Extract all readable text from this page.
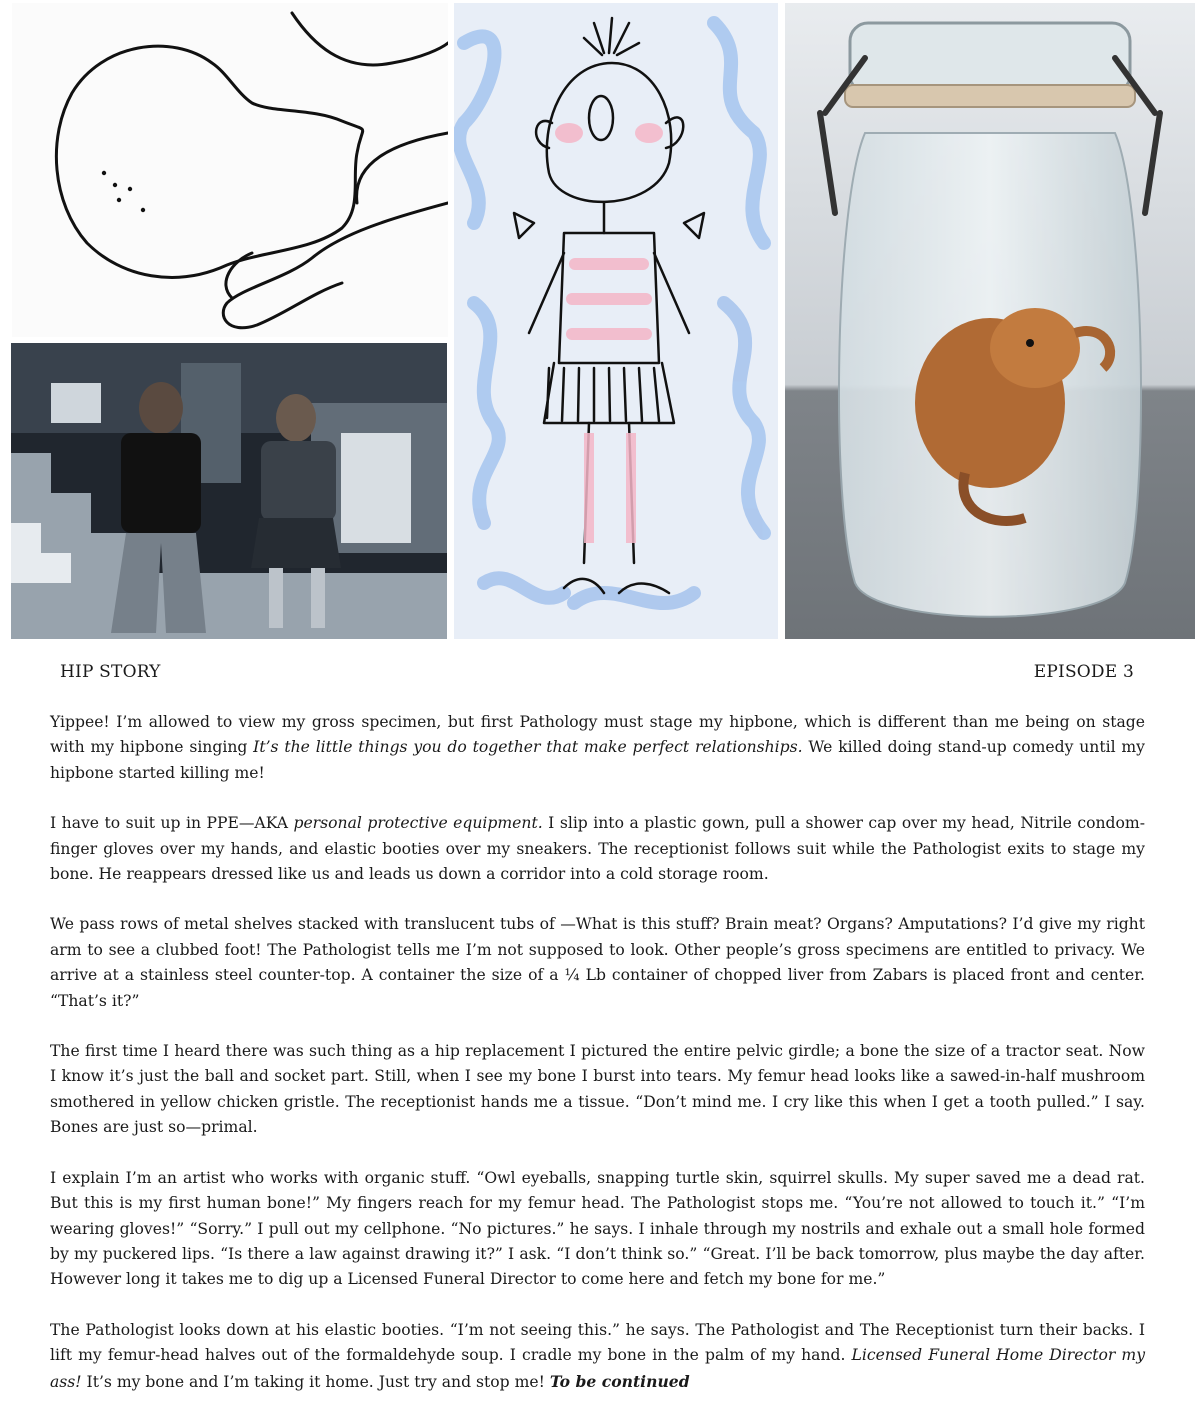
HIP STORY	EPISODE 3

Yippee! I’m allowed to view my gross specimen, but first Pathology must stage my hipbone, which is different than me being on stage with my hipbone singing It’s the little things you do together that make perfect relationships. We killed doing stand-up comedy until my hipbone started killing me!

I have to suit up in PPE—AKA personal protective equipment. I slip into a plastic gown, pull a shower cap over my head, Nitrile condom-finger gloves over my hands, and elastic booties over my sneakers. The receptionist follows suit while the Pathologist exits to stage my bone. He reappears dressed like us and leads us down a corridor into a cold storage room.

We pass rows of metal shelves stacked with translucent tubs of —What is this stuff? Brain meat? Organs? Amputations? I’d give my right arm to see a clubbed foot! The Pathologist tells me I’m not supposed to look. Other people’s gross specimens are entitled to privacy. We arrive at a stainless steel counter-top. A container the size of a ¼ Lb container of chopped liver from Zabars is placed front and center. “That’s it?”

The first time I heard there was such thing as a hip replacement I pictured the entire pelvic girdle; a bone the size of a tractor seat. Now I know it’s just the ball and socket part. Still, when I see my bone I burst into tears. My femur head looks like a sawed-in-half mushroom smothered in yellow chicken gristle. The receptionist hands me a tissue. “Don’t mind me. I cry like this when I get a tooth pulled.” I say. Bones are just so—primal.

I explain I’m an artist who works with organic stuff. “Owl eyeballs, snapping turtle skin, squirrel skulls. My super saved me a dead rat. But this is my first human bone!” My fingers reach for my femur head. The Pathologist stops me. “You’re not allowed to touch it.” “I’m wearing gloves!” “Sorry.” I pull out my cellphone. “No pictures.” he says. I inhale through my nostrils and exhale out a small hole formed by my puckered lips. “Is there a law against drawing it?” I ask. “I don’t think so.” “Great. I’ll be back tomorrow, plus maybe the day after. However long it takes me to dig up a Licensed Funeral Director to come here and fetch my bone for me.”

The Pathologist looks down at his elastic booties. “I’m not seeing this.” he says. The Pathologist and The Receptionist turn their backs. I lift my femur-head halves out of the formaldehyde soup. I cradle my bone in the palm of my hand. Licensed Funeral Home Director my ass! It’s my bone and I’m taking it home. Just try and stop me! To be continued
